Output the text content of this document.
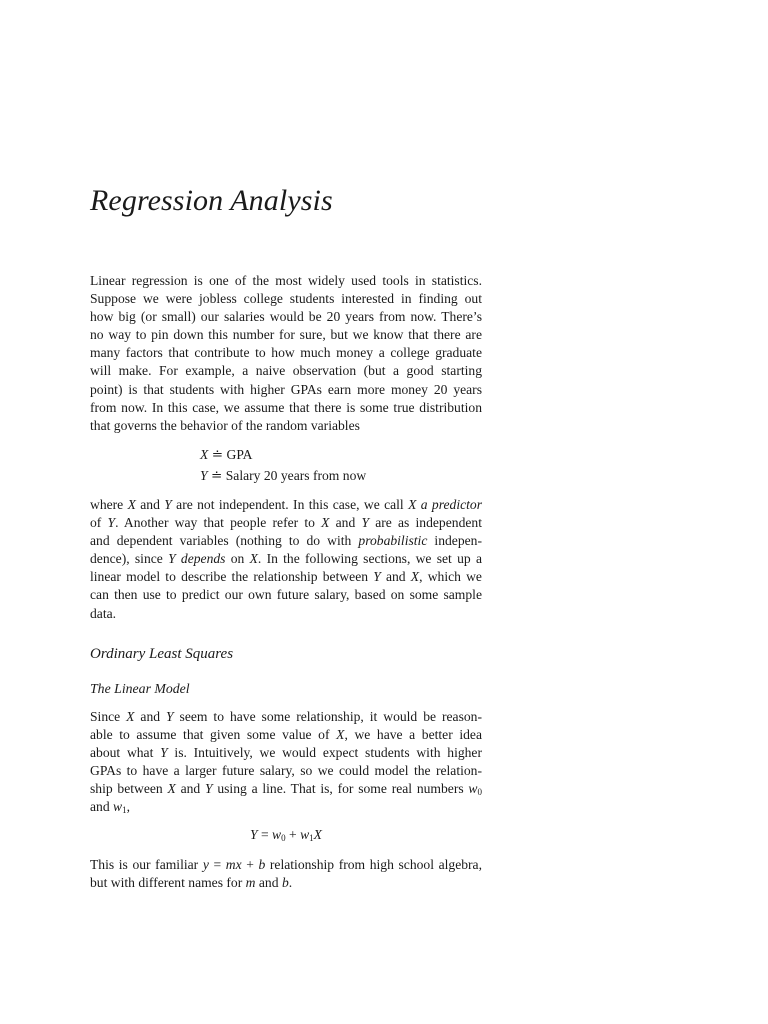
Regression Analysis
Linear regression is one of the most widely used tools in statistics.
Suppose we were jobless college students interested in finding out
how big (or small) our salaries would be 20 years from now. There’s
no way to pin down this number for sure, but we know that there are
many factors that contribute to how much money a college graduate
will make. For example, a naive observation (but a good starting
point) is that students with higher GPAs earn more money 20 years
from now. In this case, we assume that there is some true distribution
that governs the behavior of the random variables
X ≐ GPA
Y ≐ Salary 20 years from now
where X and Y are not independent. In this case, we call X a predictor
of Y. Another way that people refer to X and Y are as independent
and dependent variables (nothing to do with probabilistic indepen-
dence), since Y depends on X. In the following sections, we set up a
linear model to describe the relationship between Y and X, which we
can then use to predict our own future salary, based on some sample
data.
Ordinary Least Squares
The Linear Model
Since X and Y seem to have some relationship, it would be reason-
able to assume that given some value of X, we have a better idea
about what Y is. Intuitively, we would expect students with higher
GPAs to have a larger future salary, so we could model the relation-
ship between X and Y using a line. That is, for some real numbers $w_0$
and $w_1$,
$Y = w_0 + w_1X$
This is our familiar y = mx + b relationship from high school algebra,
but with different names for m and b.
